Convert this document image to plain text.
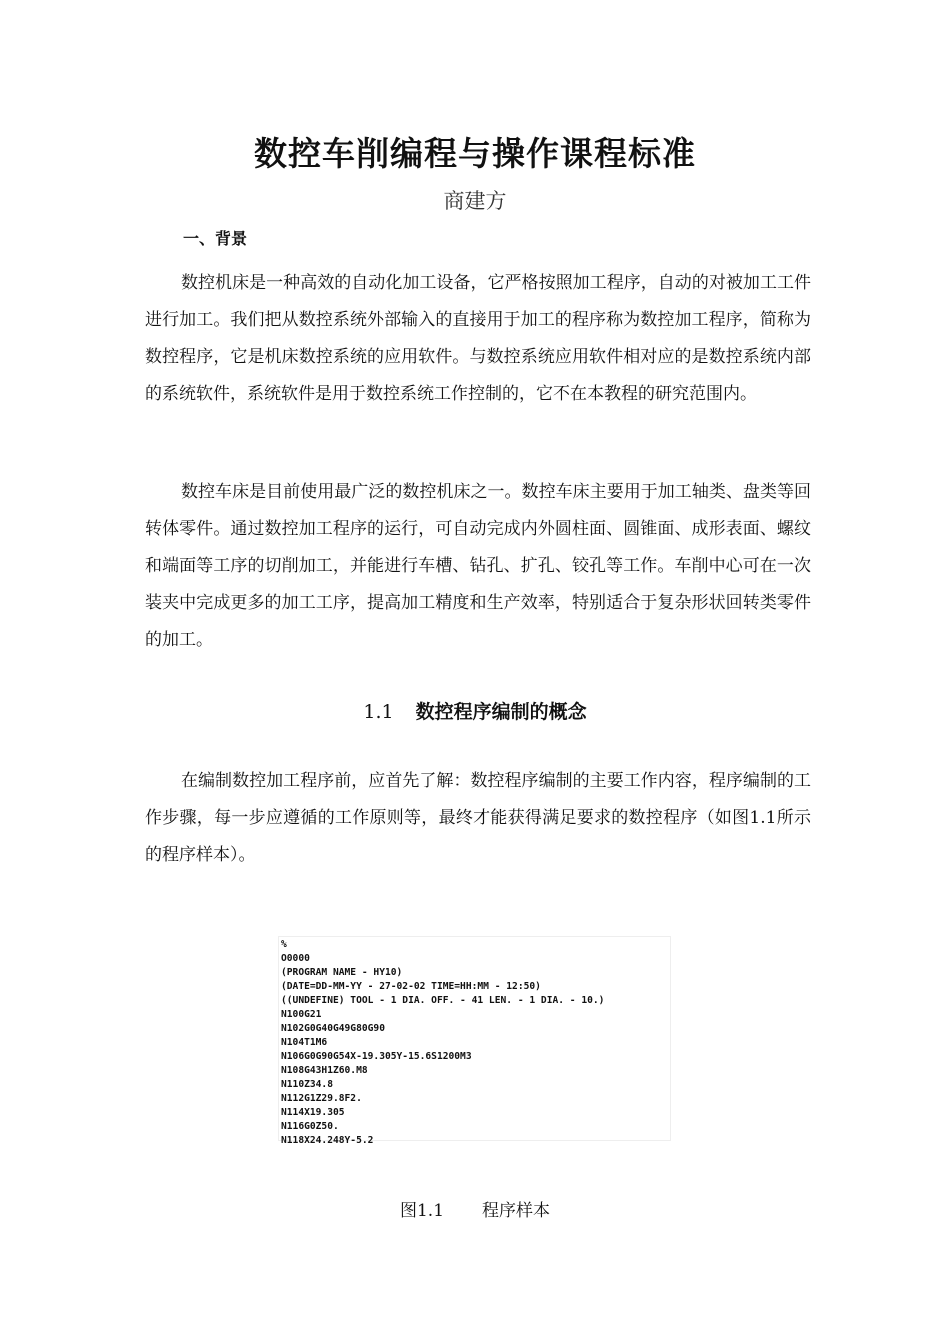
数控车削编程与操作课程标准
商建方
一、背景

数控机床是一种高效的自动化加工设备，它严格按照加工程序，自动的对被加工工件进行加工。我们把从数控系统外部输入的直接用于加工的程序称为数控加工程序，简称为数控程序，它是机床数控系统的应用软件。与数控系统应用软件相对应的是数控系统内部的系统软件，系统软件是用于数控系统工作控制的，它不在本教程的研究范围内。

数控车床是目前使用最广泛的数控机床之一。数控车床主要用于加工轴类、盘类等回转体零件。通过数控加工程序的运行，可自动完成内外圆柱面、圆锥面、成形表面、螺纹和端面等工序的切削加工，并能进行车槽、钻孔、扩孔、铰孔等工作。车削中心可在一次装夹中完成更多的加工工序，提高加工精度和生产效率，特别适合于复杂形状回转类零件的加工。

1.1 数控程序编制的概念

在编制数控加工程序前，应首先了解：数控程序编制的主要工作内容，程序编制的工作步骤，每一步应遵循的工作原则等，最终才能获得满足要求的数控程序（如图1.1所示的程序样本）。

%
O0000
(PROGRAM NAME - HY10)
(DATE=DD-MM-YY - 27-02-02 TIME=HH:MM - 12:50)
((UNDEFINE) TOOL - 1 DIA. OFF. - 41 LEN. - 1 DIA. - 10.)
N100G21
N102G0G40G49G80G90
N104T1M6
N106G0G90G54X-19.305Y-15.6S1200M3
N108G43H1Z60.M8
N110Z34.8
N112G1Z29.8F2.
N114X19.305
N116G0Z50.
N118X24.248Y-5.2
图1.1 程序样本
